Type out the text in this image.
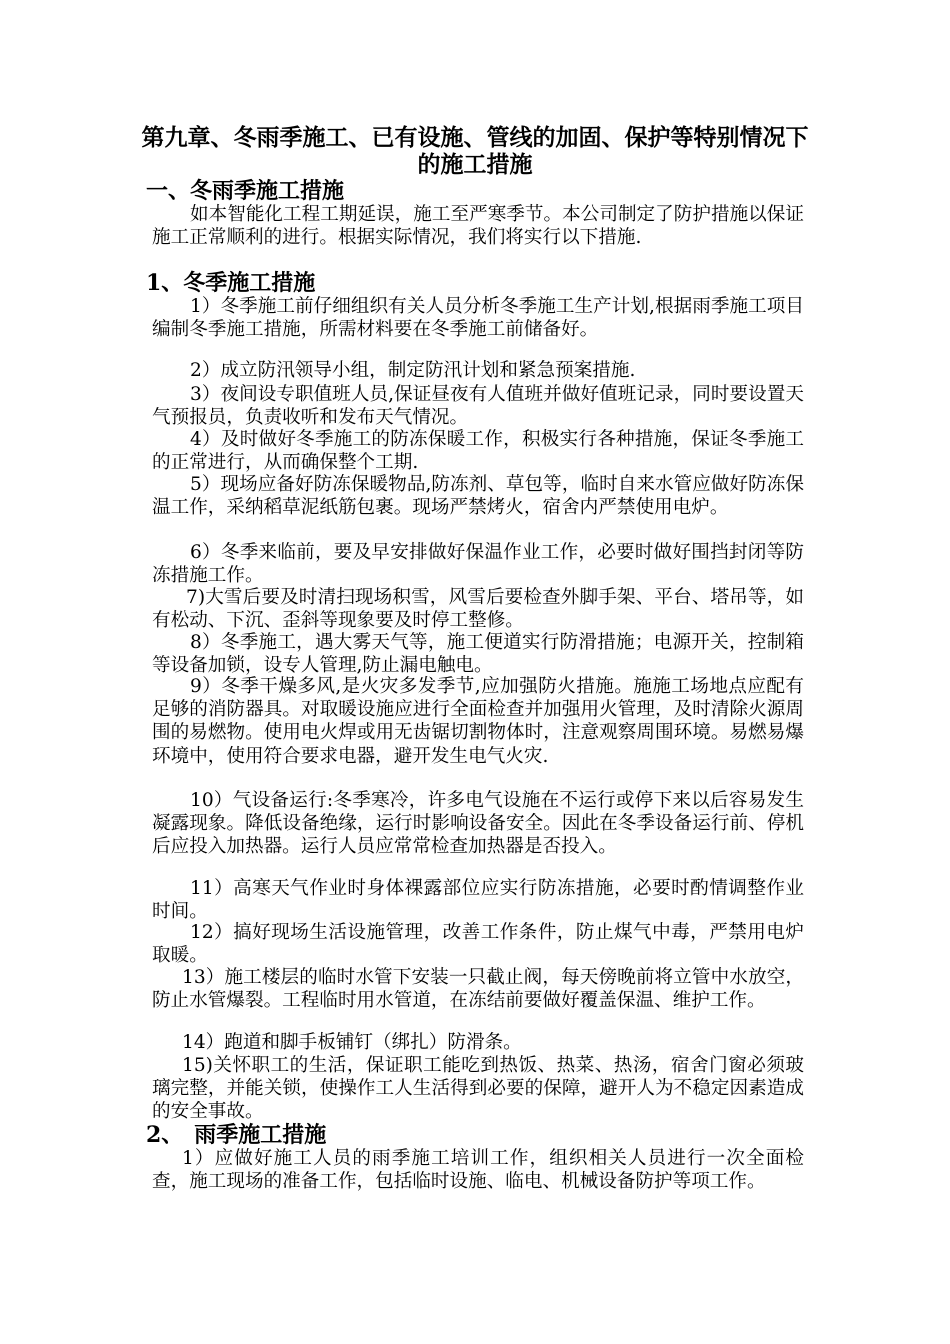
第九章、冬雨季施工、已有设施、管线的加固、保护等特别情况下的施工措施
一、冬雨季施工措施
如本智能化工程工期延误，施工至严寒季节。本公司制定了防护措施以保证施工正常顺利的进行。根据实际情况，我们将实行以下措施.
1、冬季施工措施
1）冬季施工前仔细组织有关人员分析冬季施工生产计划,根据雨季施工项目编制冬季施工措施，所需材料要在冬季施工前储备好。
2）成立防汛领导小组，制定防汛计划和紧急预案措施.
3）夜间设专职值班人员,保证昼夜有人值班并做好值班记录，同时要设置天气预报员，负责收听和发布天气情况。
4）及时做好冬季施工的防冻保暖工作，积极实行各种措施，保证冬季施工的正常进行，从而确保整个工期.
5）现场应备好防冻保暖物品,防冻剂、草包等，临时自来水管应做好防冻保温工作，采纳稻草泥纸筋包裹。现场严禁烤火，宿舍内严禁使用电炉。
6）冬季来临前，要及早安排做好保温作业工作，必要时做好围挡封闭等防冻措施工作。
7)大雪后要及时清扫现场积雪，风雪后要检查外脚手架、平台、塔吊等，如有松动、下沉、歪斜等现象要及时停工整修。
8）冬季施工，遇大雾天气等，施工便道实行防滑措施；电源开关，控制箱等设备加锁，设专人管理,防止漏电触电。
9）冬季干燥多风,是火灾多发季节,应加强防火措施。施施工场地点应配有足够的消防器具。对取暖设施应进行全面检查并加强用火管理，及时清除火源周围的易燃物。使用电火焊或用无齿锯切割物体时，注意观察周围环境。易燃易爆环境中，使用符合要求电器，避开发生电气火灾.
10）气设备运行:冬季寒冷，许多电气设施在不运行或停下来以后容易发生凝露现象。降低设备绝缘，运行时影响设备安全。因此在冬季设备运行前、停机后应投入加热器。运行人员应常常检查加热器是否投入。
11）高寒天气作业时身体裸露部位应实行防冻措施，必要时酌情调整作业时间。
12）搞好现场生活设施管理，改善工作条件，防止煤气中毒，严禁用电炉取暖。
13）施工楼层的临时水管下安装一只截止阀，每天傍晚前将立管中水放空，防止水管爆裂。工程临时用水管道，在冻结前要做好覆盖保温、维护工作。
14）跑道和脚手板铺钉（绑扎）防滑条。
15)关怀职工的生活，保证职工能吃到热饭、热菜、热汤，宿舍门窗必须玻璃完整，并能关锁，使操作工人生活得到必要的保障，避开人为不稳定因素造成的安全事故。
2、　雨季施工措施
1）应做好施工人员的雨季施工培训工作，组织相关人员进行一次全面检查，施工现场的准备工作，包括临时设施、临电、机械设备防护等项工作。
